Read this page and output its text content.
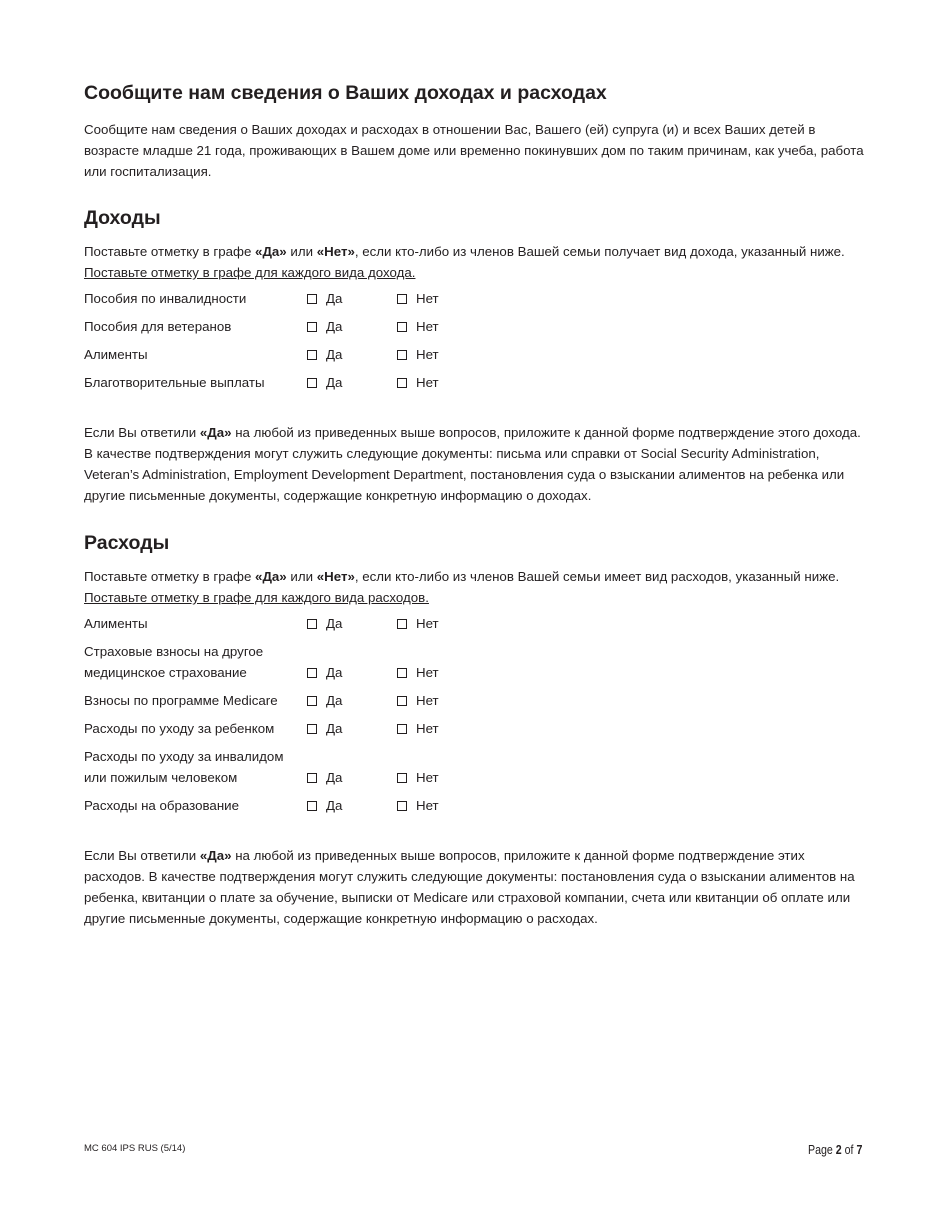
Сообщите нам сведения о Ваших доходах и расходах

Сообщите нам сведения о Ваших доходах и расходах в отношении Вас, Вашего (ей) супруга (и) и всех Ваших детей в возрасте младше 21 года, проживающих в Вашем доме или временно покинувших дом по таким причинам, как учеба, работа или госпитализация.

Доходы

Поставьте отметку в графе «Да» или «Нет», если кто-либо из членов Вашей семьи получает вид дохода, указанный ниже.

Поставьте отметку в графе для каждого вида дохода.

Пособия по инвалидности	Да	Нет
Пособия для ветеранов	Да	Нет
Алименты	Да	Нет
Благотворительные выплаты	Да	Нет

Если Вы ответили «Да» на любой из приведенных выше вопросов, приложите к данной форме подтверждение этого дохода. В качестве подтверждения могут служить следующие документы: письма или справки от Social Security Administration, Veteran’s Administration, Employment Development Department, постановления суда о взыскании алиментов на ребенка или другие письменные документы, содержащие конкретную информацию о доходах.

Расходы

Поставьте отметку в графе «Да» или «Нет», если кто-либо из членов Вашей семьи имеет вид расходов, указанный ниже.

Поставьте отметку в графе для каждого вида расходов.

Алименты	Да	Нет
Страховые взносы на другое
медицинское страхование	Да	Нет
Взносы по программе Medicare	Да	Нет
Расходы по уходу за ребенком	Да	Нет
Расходы по уходу за инвалидом
или пожилым человеком	Да	Нет
Расходы на образование	Да	Нет

Если Вы ответили «Да» на любой из приведенных выше вопросов, приложите к данной форме подтверждение этих расходов. В качестве подтверждения могут служить следующие документы: постановления суда о взыскании алиментов на ребенка, квитанции о плате за обучение, выписки от Medicare или страховой компании, счета или квитанции об оплате или другие письменные документы, содержащие конкретную информацию о расходах.

MC 604 IPS RUS (5/14)	Page 2 of 7
